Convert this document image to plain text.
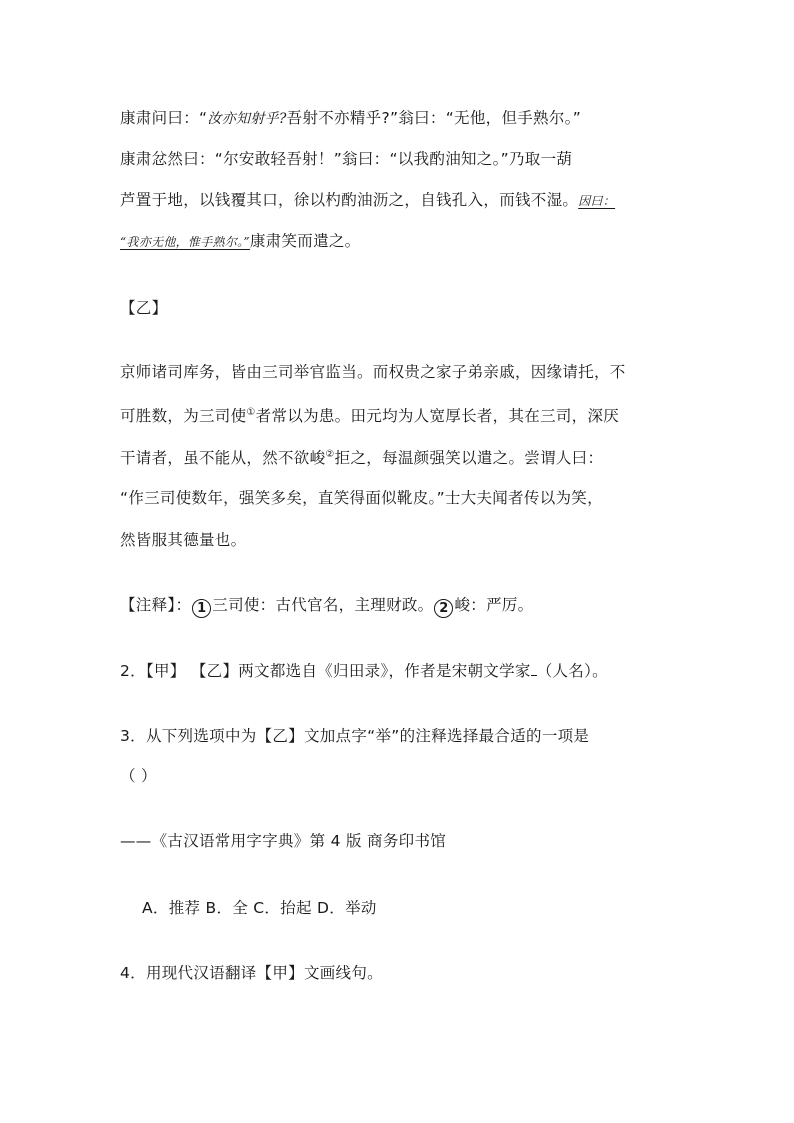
康肃问曰：“汝亦知射乎?吾射不亦精乎?”翁曰：“无他，但手熟尔。”
康肃忿然曰：“尔安敢轻吾射！”翁曰：“以我酌油知之。”乃取一葫
芦置于地，以钱覆其口，徐以杓酌油沥之，自钱孔入，而钱不湿。因曰：
“我亦无他，惟手熟尔。”康肃笑而遣之。
【乙】
京师诸司库务，皆由三司举官监当。而权贵之家子弟亲戚，因缘请托，不
可胜数，为三司使①者常以为患。田元均为人宽厚长者，其在三司，深厌
干请者，虽不能从，然不欲峻②拒之，每温颜强笑以遣之。尝谓人曰：
“作三司使数年，强笑多矣，直笑得面似靴皮。”士大夫闻者传以为笑，
然皆服其德量也。
【注释】： 1 三司使：古代官名，主理财政。 2 峻：严厉。
2．【甲】 【乙】两文都选自《归田录》，作者是宋朝文学家 （人名）。
3．从下列选项中为【乙】文加点字“举”的注释选择最合适的一项是
（ ）
——《古汉语常用字字典》第 4 版 商务印书馆
A．推荐 B．全 C．抬起 D．举动
4．用现代汉语翻译【甲】文画线句。
